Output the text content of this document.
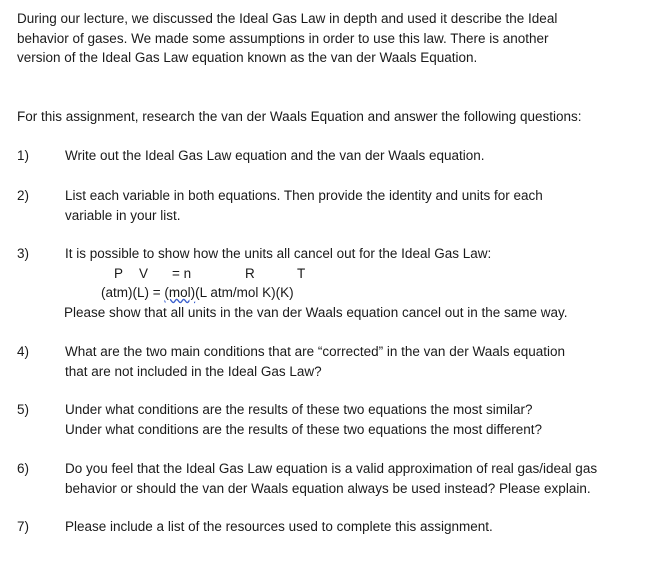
During our lecture, we discussed the Ideal Gas Law in depth and used it describe the Ideal
behavior of gases. We made some assumptions in order to use this law. There is another
version of the Ideal Gas Law equation known as the van der Waals Equation.
For this assignment, research the van der Waals Equation and answer the following questions:
1)	Write out the Ideal Gas Law equation and the van der Waals equation.
2)	List each variable in both equations. Then provide the identity and units for each
variable in your list.
3)	It is possible to show how the units all cancel out for the Ideal Gas Law:
P V = n	R	T
(atm)(L) = (mol)(L atm/mol K)(K)
Please show that all units in the van der Waals equation cancel out in the same way.
4)	What are the two main conditions that are “corrected” in the van der Waals equation
that are not included in the Ideal Gas Law?
5)	Under what conditions are the results of these two equations the most similar?
Under what conditions are the results of these two equations the most different?
6)	Do you feel that the Ideal Gas Law equation is a valid approximation of real gas/ideal gas
behavior or should the van der Waals equation always be used instead? Please explain.
7)	Please include a list of the resources used to complete this assignment.
